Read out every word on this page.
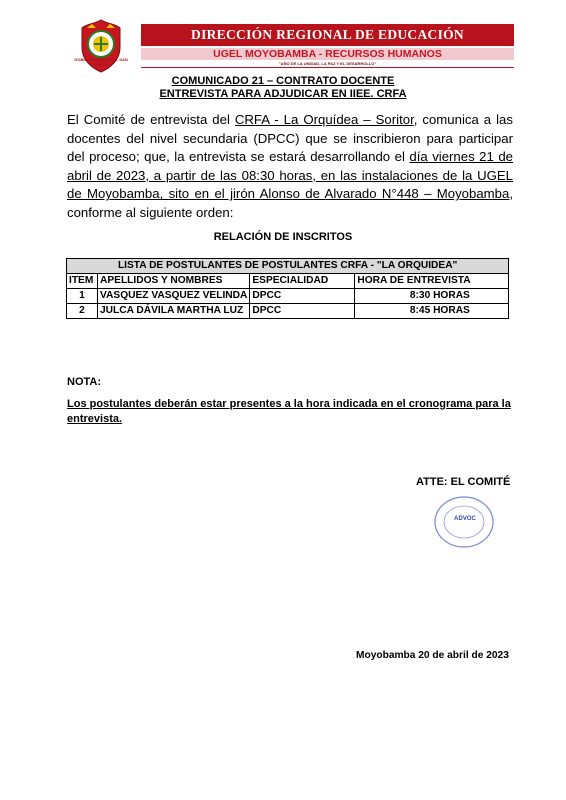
GOBIERNO REGIONAL SAN MARTÍN
DIRECCIÓN REGIONAL DE EDUCACIÓN
UGEL MOYOBAMBA - RECURSOS HUMANOS
"AÑO DE LA UNIDAD, LA PAZ Y EL DESARROLLO"
COMUNICADO 21 – CONTRATO DOCENTE
ENTREVISTA PARA ADJUDICAR EN IIEE. CRFA
El Comité de entrevista del CRFA - La Orquídea – Soritor, comunica a las docentes del nivel secundaria (DPCC) que se inscribieron para participar del proceso; que, la entrevista se estará desarrollando el día viernes 21 de abril de 2023, a partir de las 08:30 horas, en las instalaciones de la UGEL de Moyobamba, sito en el jirón Alonso de Alvarado N°448 – Moyobamba, conforme al siguiente orden:
RELACIÓN DE INSCRITOS
LISTA DE POSTULANTES DE POSTULANTES CRFA - "LA ORQUIDEA"			
ITEM	APELLIDOS Y NOMBRES	ESPECIALIDAD	HORA DE ENTREVISTA
1	VASQUEZ VASQUEZ VELINDA	DPCC	8:30 HORAS
2	JULCA DÁVILA MARTHA LUZ	DPCC	8:45 HORAS
NOTA:
Los postulantes deberán estar presentes a la hora indicada en el cronograma para la entrevista.
ATTE: EL COMITÉ
ADVOC
Moyobamba 20 de abril de 2023
